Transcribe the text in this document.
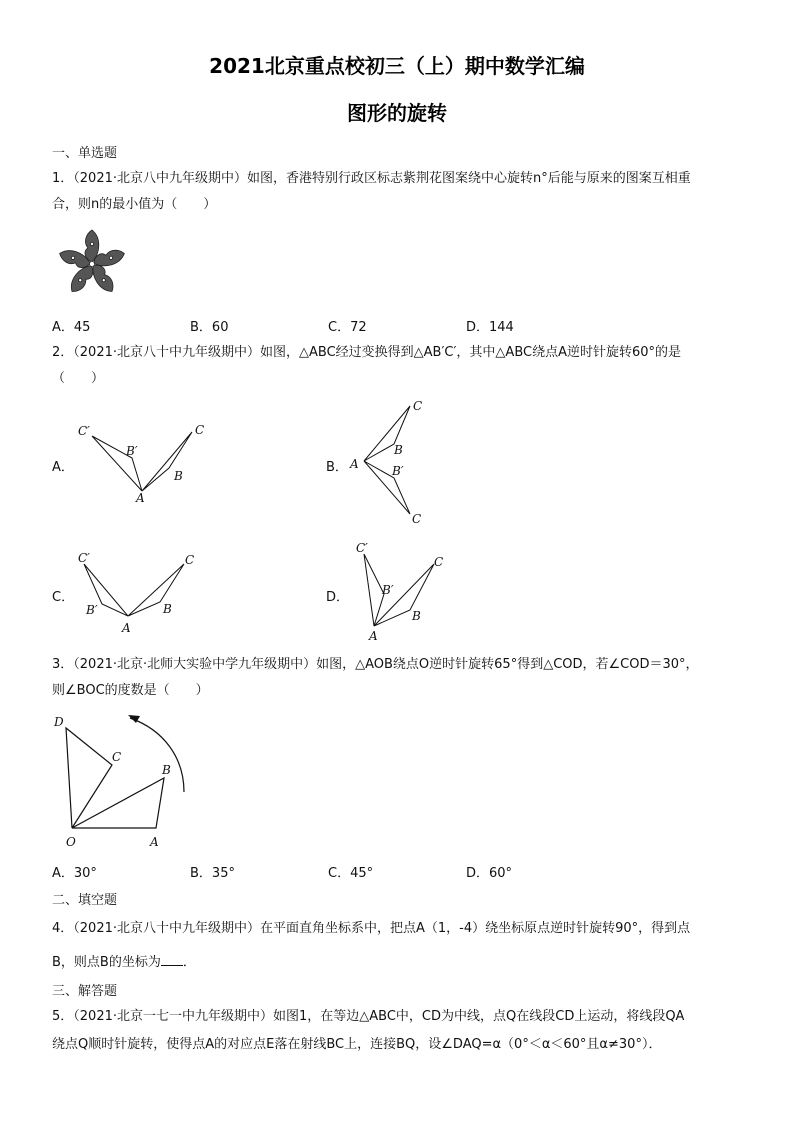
2021北京重点校初三（上）期中数学汇编
图形的旋转
一、单选题
1．（2021·北京八中九年级期中）如图，香港特别行政区标志紫荆花图案绕中心旋转n°后能与原来的图案互相重
合，则n的最小值为（　　）
A．45	B．60	C．72	D．144
2．（2021·北京八十中九年级期中）如图，△ABC经过变换得到△AB′C′，其中△ABC绕点A逆时针旋转60°的是
（　　）
A．
C′
B′
C
B
A
B．
C
B
A	B′
C
C．
C′
B′
C
B
A
D．
C′
B′
C
B
A
3．（2021·北京·北师大实验中学九年级期中）如图，△AOB绕点O逆时针旋转65°得到△COD，若∠COD＝30°，
则∠BOC的度数是（　　）
D
C
B
O	A
A．30°	B．35°	C．45°	D．60°
二、填空题
4．（2021·北京八十中九年级期中）在平面直角坐标系中，把点A（1，-4）绕坐标原点逆时针旋转90°，得到点
B，则点B的坐标为 ．
三、解答题
5．（2021·北京一七一中九年级期中）如图1，在等边△ABC中，CD为中线，点Q在线段CD上运动，将线段QA
绕点Q顺时针旋转，使得点A的对应点E落在射线BC上，连接BQ，设∠DAQ=α（0°＜α＜60°且α≠30°）．
